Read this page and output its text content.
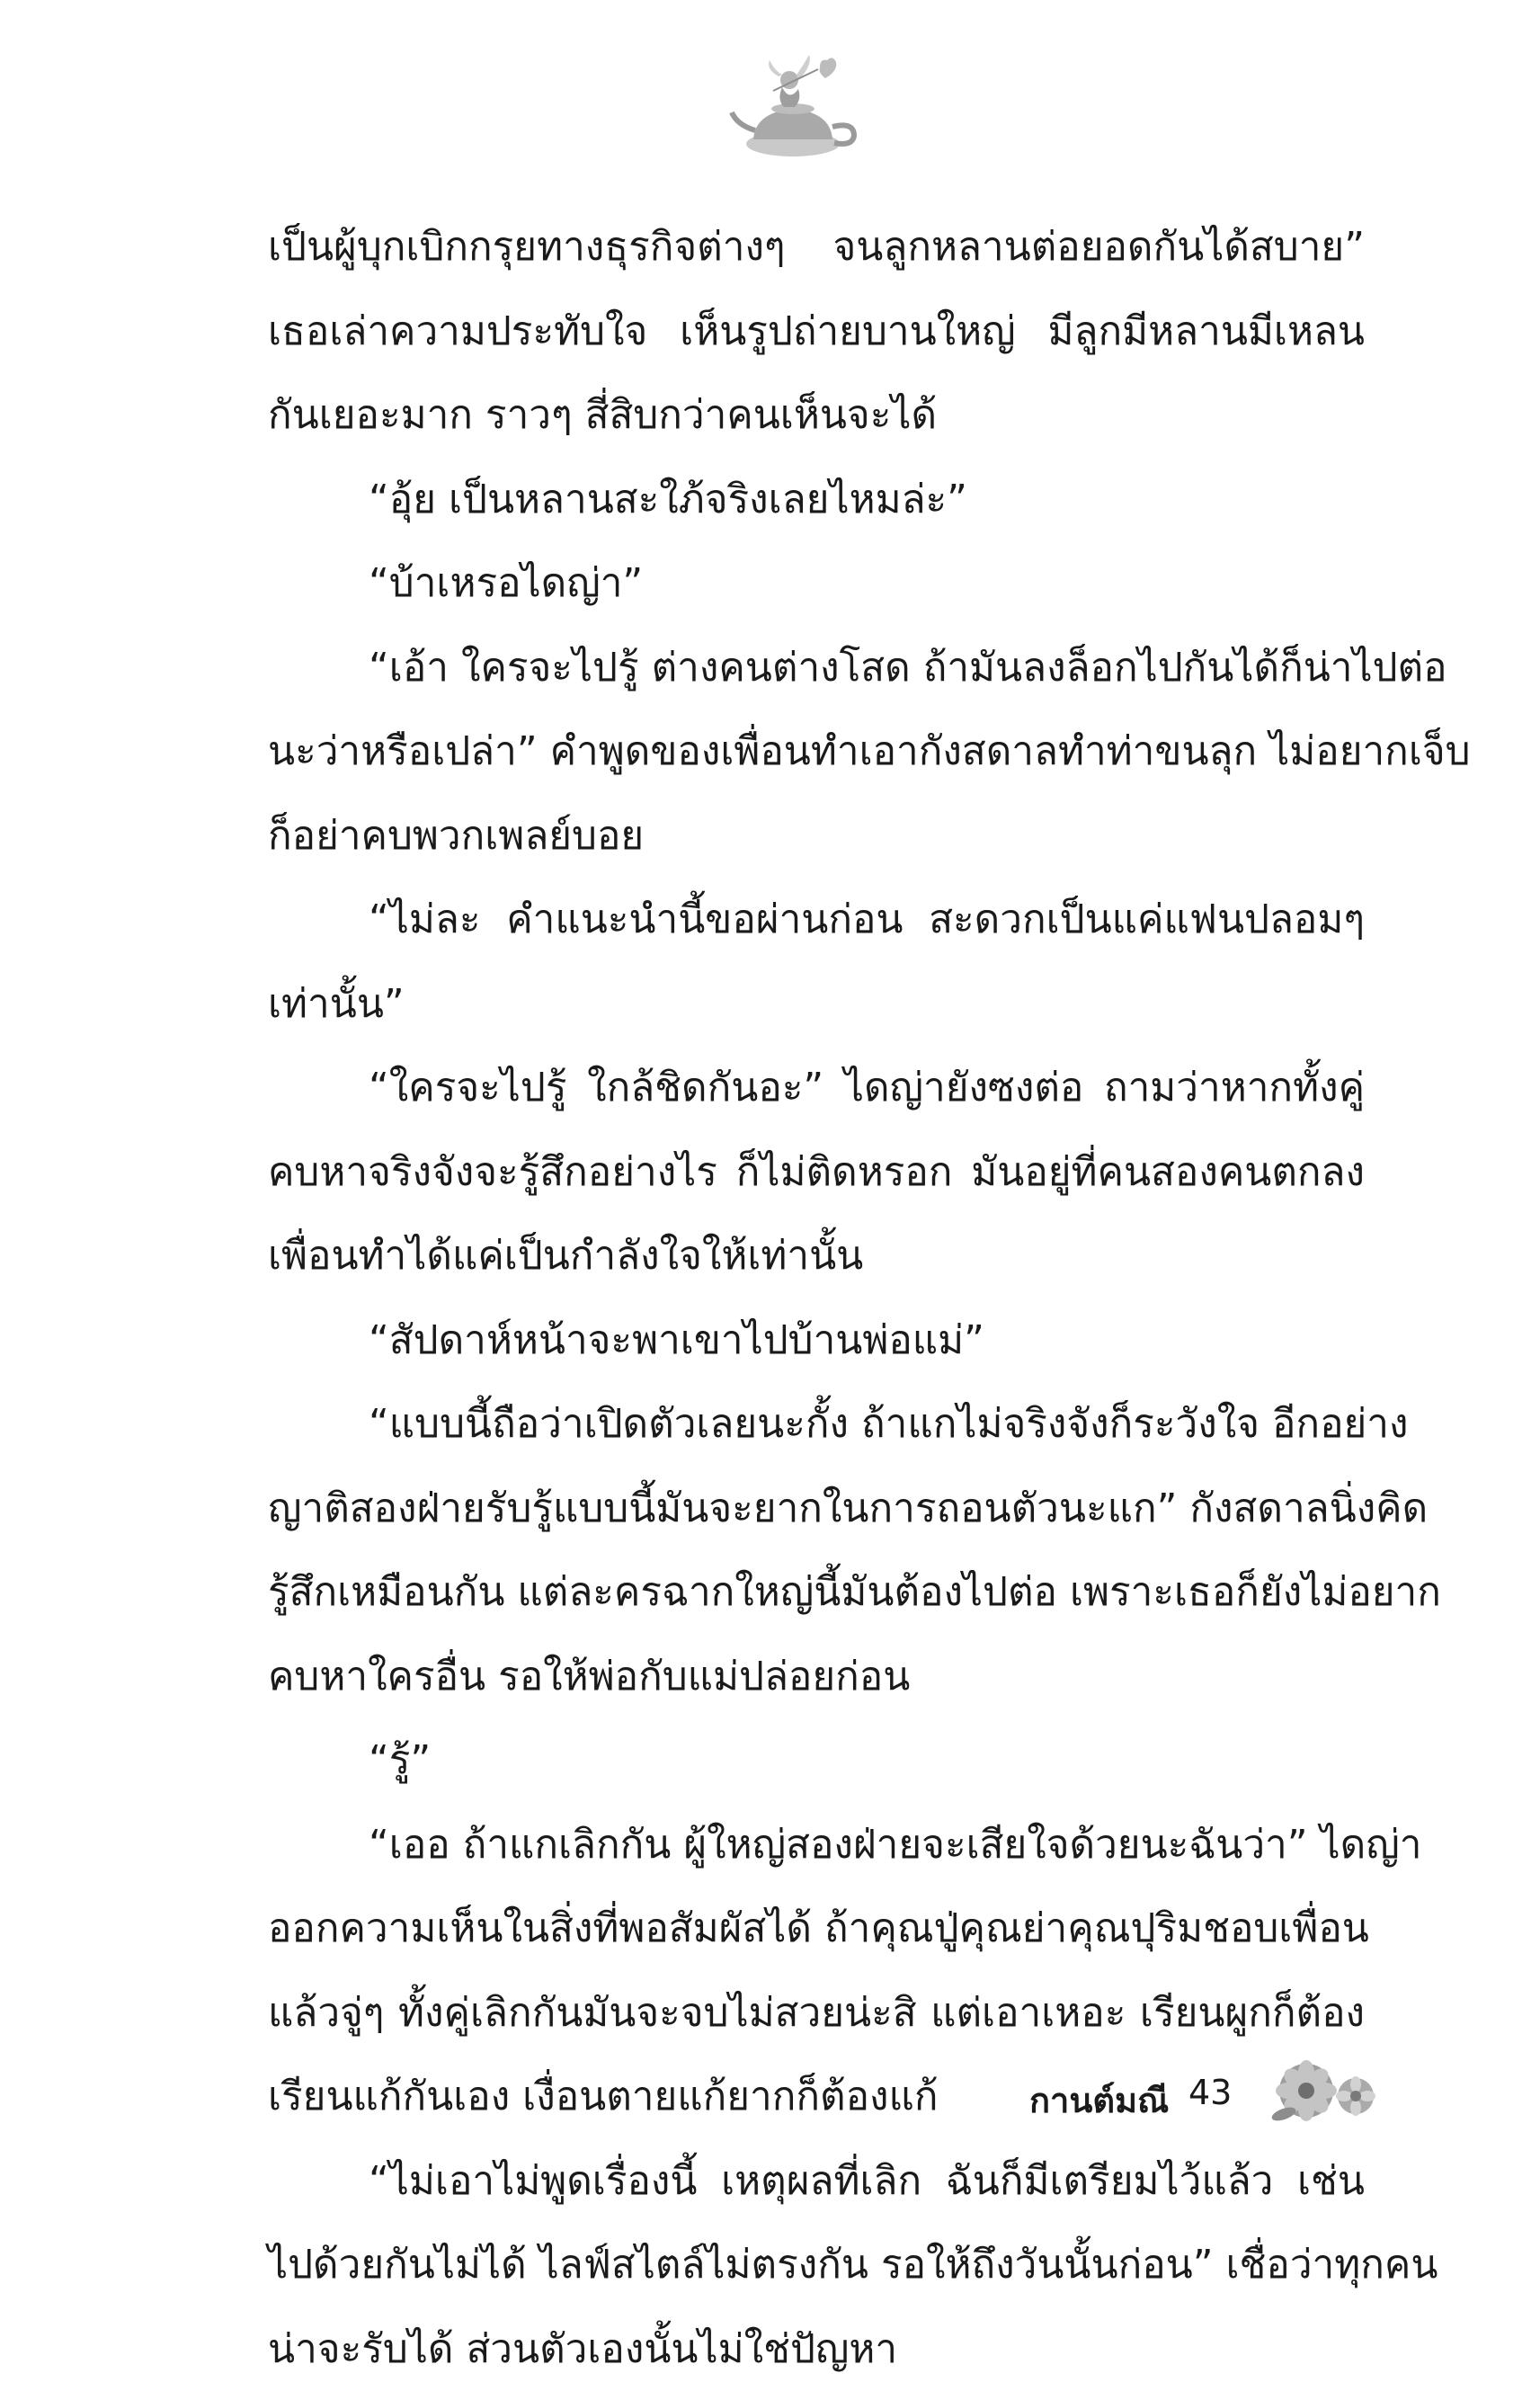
เป็นผู้บุกเบิกกรุยทางธุรกิจต่างๆ จนลูกหลานต่อยอดกันได้สบาย”
เธอเล่าความประทับใจ เห็นรูปถ่ายบานใหญ่ มีลูกมีหลานมีเหลน
กันเยอะมาก ราวๆ สี่สิบกว่าคนเห็นจะได้
“อุ้ย เป็นหลานสะใภ้จริงเลยไหมล่ะ”
“บ้าเหรอไดญ่า”
“เอ้า ใครจะไปรู้ ต่างคนต่างโสด ถ้ามันลงล็อกไปกันได้ก็น่าไปต่อ
นะว่าหรือเปล่า” คำพูดของเพื่อนทำเอากังสดาลทำท่าขนลุก ไม่อยากเจ็บ
ก็อย่าคบพวกเพลย์บอย
“ไม่ละ คำแนะนำนี้ขอผ่านก่อน สะดวกเป็นแค่แฟนปลอมๆ
เท่านั้น”
“ใครจะไปรู้ ใกล้ชิดกันอะ” ไดญ่ายังซงต่อ ถามว่าหากทั้งคู่
คบหาจริงจังจะรู้สึกอย่างไร ก็ไม่ติดหรอก มันอยู่ที่คนสองคนตกลง
เพื่อนทำได้แค่เป็นกำลังใจให้เท่านั้น
“สัปดาห์หน้าจะพาเขาไปบ้านพ่อแม่”
“แบบนี้ถือว่าเปิดตัวเลยนะกั้ง ถ้าแกไม่จริงจังก็ระวังใจ อีกอย่าง
ญาติสองฝ่ายรับรู้แบบนี้มันจะยากในการถอนตัวนะแก” กังสดาลนิ่งคิด
รู้สึกเหมือนกัน แต่ละครฉากใหญ่นี้มันต้องไปต่อ เพราะเธอก็ยังไม่อยาก
คบหาใครอื่น รอให้พ่อกับแม่ปล่อยก่อน
“รู้”
“เออ ถ้าแกเลิกกัน ผู้ใหญ่สองฝ่ายจะเสียใจด้วยนะฉันว่า” ไดญ่า
ออกความเห็นในสิ่งที่พอสัมผัสได้ ถ้าคุณปู่คุณย่าคุณปุริมชอบเพื่อน
แล้วจู่ๆ ทั้งคู่เลิกกันมันจะจบไม่สวยน่ะสิ แต่เอาเหอะ เรียนผูกก็ต้อง
เรียนแก้กันเอง เงื่อนตายแก้ยากก็ต้องแก้
“ไม่เอาไม่พูดเรื่องนี้ เหตุผลที่เลิก ฉันก็มีเตรียมไว้แล้ว เช่น
ไปด้วยกันไม่ได้ ไลฟ์สไตล์ไม่ตรงกัน รอให้ถึงวันนั้นก่อน” เชื่อว่าทุกคน
น่าจะรับได้ ส่วนตัวเองนั้นไม่ใช่ปัญหา
กานต์มณี 43
